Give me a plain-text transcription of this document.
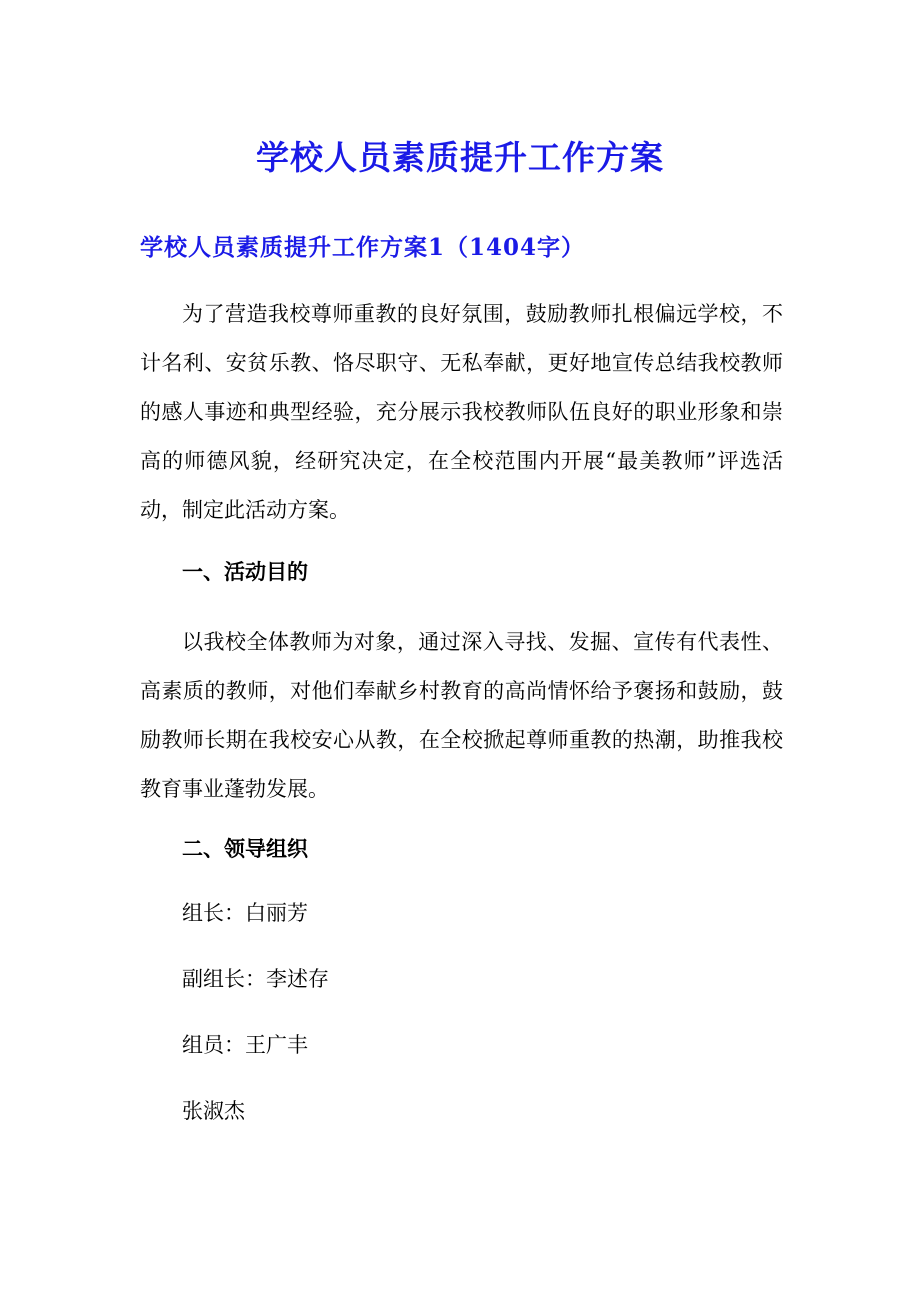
学校人员素质提升工作方案
学校人员素质提升工作方案1（1404字）

为了营造我校尊师重教的良好氛围，鼓励教师扎根偏远学校，不计名利、安贫乐教、恪尽职守、无私奉献，更好地宣传总结我校教师的感人事迹和典型经验，充分展示我校教师队伍良好的职业形象和崇高的师德风貌，经研究决定，在全校范围内开展“最美教师”评选活动，制定此活动方案。

一、活动目的

以我校全体教师为对象，通过深入寻找、发掘、宣传有代表性、高素质的教师，对他们奉献乡村教育的高尚情怀给予褒扬和鼓励，鼓励教师长期在我校安心从教，在全校掀起尊师重教的热潮，助推我校教育事业蓬勃发展。

二、领导组织

组长：白丽芳

副组长：李述存

组员：王广丰

张淑杰
